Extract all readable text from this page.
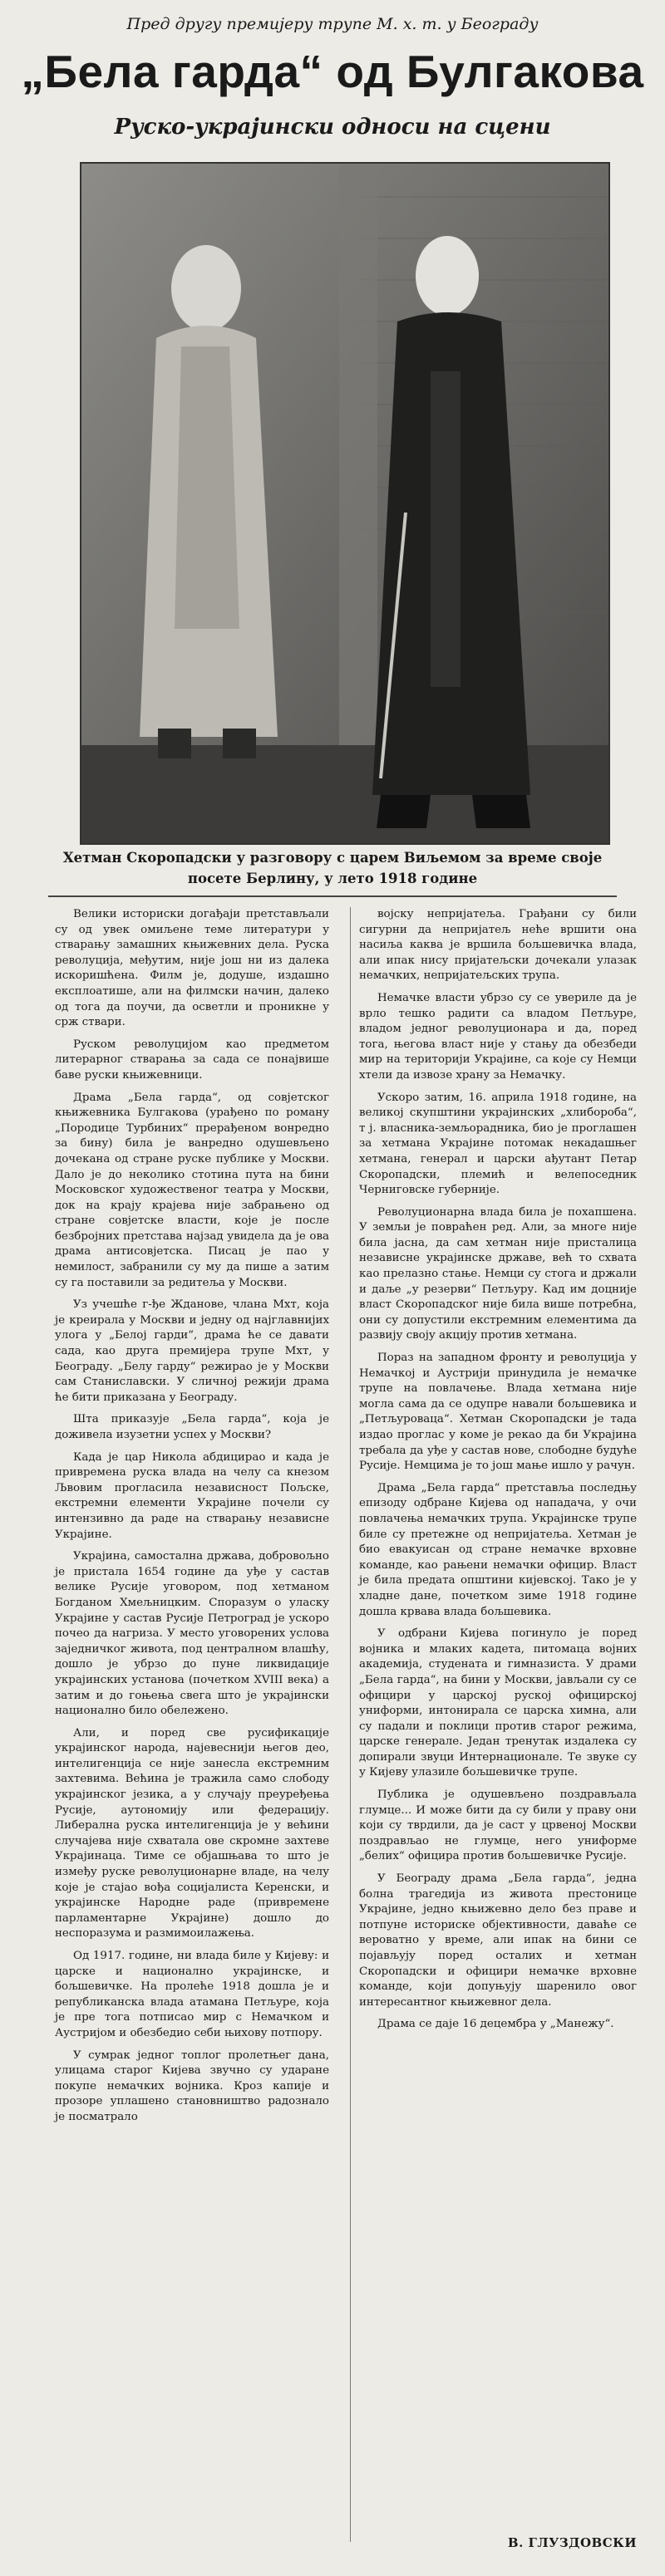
Пред другу премијеру трупе М. х. т. у Београду
„Бела гарда“ од Булгакова
Руско-украјински односи на сцени
Хетман Скоропадски у разговору с царем Виљемом за време своје посете Берлину, у лето 1918 године

Велики историски догађаји претстављали су од увек омиљене теме литератури у стварању замашних књижевних дела. Руска револуција, међутим, није још ни из далека искоришћена. Филм је, додуше, издашно експлоатише, али на филмски начин, далеко од тога да поучи, да осветли и проникне у срж ствари.

Руском револуцијом као предметом литерарног стварања за сада се понајвише баве руски књижевници.

Драма „Бела гарда“, од совјетског књижевника Булгакова (урађено по роману „Породице Турбиних“ прерађеном вонредно за бину) била је ванредно одушевљено дочекана од стране руске публике у Москви. Дало је до неколико стотина пута на бини Московског художественог театра у Москви, док на крају крајева није забрањено од стране совјетске власти, које је после безбројних претстава најзад увидела да је ова драма антисовјетска. Писац је пао у немилост, забранили су му да пише а затим су га поставили за редитеља у Москви.

Уз учешће г-ђе Ждановe, чланa Мхт, која је креирала у Москви и једну од најглавнијих улога у „Белој гарди“, драма ће се давати сада, као друга премијера трупе Мхт, у Београду. „Белу гарду“ режирао је у Москви сам Станиславски. У сличној режији драма ће бити приказана у Београду.

Шта приказује „Бела гарда“, која је доживела изузетни успех у Москви?

Када је цар Никола абдицирао и када је привремена руска влада на челу са кнезом Љвовим прогласила независност Пољске, екстремни елементи Украјине почели су интензивно да раде на стварању независне Украјине.

Украјина, самостална држава, добровољно је пристала 1654 године да уђе у састав велике Русије уговором, под хетманом Богданом Хмељницким. Споразум о уласку Украјине у састав Русије Петроград је ускоро почео да нагриза. У место уговорених услова заједничког живота, под централном влашћу, дошло је убрзо до пуне ликвидације украјинских установа (почетком XVIII века) а затим и до гоњења свега што је украјински национално било обележено.

Али, и поред све русификације украјинског народа, најевеснији његов део, интелигенција се није занесла екстремним захтевима. Већина је тражила само слободу украјинског језика, а у случају преуређења Русије, аутономију или федерацију. Либерална руска интелигенција је у већини случајева није схватала ове скромне захтеве Украјинаца. Тиме се објашњава то што је између руске револуционарне владе, на челу које је стајао вођа социјалиста Керенски, и украјинске Народне раде (привремене парламентарне Украјине) дошло до неспоразума и размимоилажења.

Од 1917. године, ни влада биле у Кијеву: и царске и национално украјинске, и бољшевичке. На пролеће 1918 дошла је и републиканска влада атамана Петљуре, која је пре тога потписао мир с Немачком и Аустријом и обезбедио себи њихову потпору.

У сумрак једног топлог пролетњег дана, улицама старог Кијева звучно су ударане покупе немачких војника. Кроз капије и прозоре уплашено становништво радознало је посматрало

војску непријатеља. Грађани су били сигурни да непријатељ неће вршити она насиља каква је вршила бољшевичка влада, али ипак нису пријатељски дочекали улазак немачких, непријатељских трупа.

Немачке власти убрзо су се увериле да је врло тешко радити са владом Петљуре, владом једног револуционара и да, поред тога, његова власт није у стању да обезбеди мир на територији Украјине, са које су Немци хтели да извозе храну за Немачку.

Ускоро затим, 16. априла 1918 године, на великој скупштини украјинских „хлибороба“, т ј. власника-земљорадника, био је проглашен за хетмана Украјине потомак некадашњег хетмана, генерал и царски ађутант Петар Скоропадски, племић и велепоседник Черниговске губерније.

Револуционарна влада била је похапшена. У земљи је повраћен ред. Али, за многе није била јасна, да сам хетман није присталица независне украјинске државе, већ то схвата као прелазно стање. Немци су стога и држали и даље „у резерви“ Петљуру. Кад им доцније влаcт Скоропадског није била више потребна, они су допустили екстремним елементима да развију своју акцију против хетмана.

Пораз на западном фронту и револуција у Немачкој и Аустрији принудила је немачке трупе на повлачење. Влада хетмана није могла сама да се одупре навали бољшевика и „Петљуроваца“. Хетман Скоропадски је тада издао проглас у коме је рекао да би Украјина требала да уђе у састав нове, слободне будуће Русије. Немцима је то још мање ишло у рачун.

Драма „Бела гарда“ претставља последњу епизоду одбране Кијева од нападача, у очи повлачења немачких трупа. Украјинске трупе биле су претежне од непријатеља. Хетман је био евакуисан од стране немачке врховне команде, као рањени немачки официр. Влаcт је била предата општини кијевској. Тако је у хладне дане, почетком зиме 1918 године дошла крвава влада бољшевика.

У одбрани Кијева погинуло је поред војника и млаких кадета, питомаца војних академија, студената и гимназиста. У драми „Бела гарда“, на бини у Москви, јављали су се официри у царској руској официрској униформи, интонирала се царска химна, али су падали и поклици против старог режима, царске генерале. Један тренутак издалека су допирали звуци Интернационале. Те звуке су у Кијеву улазиле бољшевичке трупе.

Публика је одушевљено поздрављала глумце... И може бити да су били у праву они који су тврдили, да је саст у црвеној Москви поздрављао не глумце, него униформе „белих“ официра против бољшевичке Русије.

У Београду драма „Бела гарда“, једна болна трагедија из живота престонице Украјине, једно књижевно дело без праве и потпуне историске објективности, даваће се вероватно у време, али ипак на бини се појављују поред осталих и хетман Скоропадски и официри немачке врховне команде, који допуњују шаренило овог интересантног књижевног дела.

Драма се даје 16 децембра у „Манежу“.

В. ГЛУЗДОВСКИ
